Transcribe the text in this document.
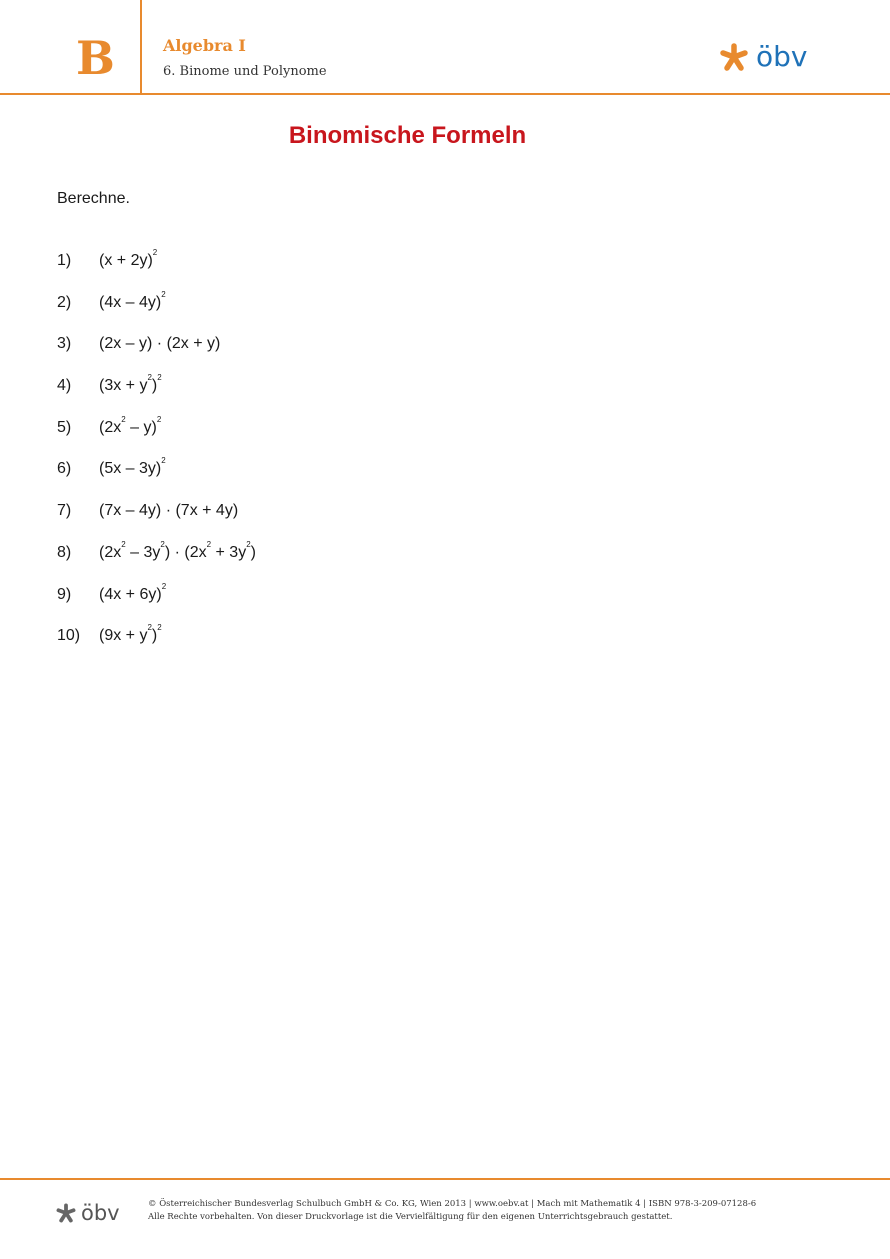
B	Algebra I
6. Binome und Polynome	öbv
Binomische Formeln
Berechne.
1) $(x + 2y)^2$
2) (4x – 4y)$^2$
3) (2x – y) · (2x + y)
4) $(3x + y^2)^2$
5) $(2x^2 - y)^2$
6) (5x – 3y)$^2$
7) (7x – 4y) · (7x + 4y)
8) $(2x^2 - 3y^2) \cdot (2x^2 + 3y^2)$
9) $(4x + 6y)^2$
10) $(9x + y^2)^2$
öbv	© Österreichischer Bundesverlag Schulbuch GmbH & Co. KG, Wien 2013 | www.oebv.at | Mach mit Mathematik 4 | ISBN 978-3-209-07128-6
Alle Rechte vorbehalten. Von dieser Druckvorlage ist die Vervielfältigung für den eigenen Unterrichtsgebrauch gestattet.
